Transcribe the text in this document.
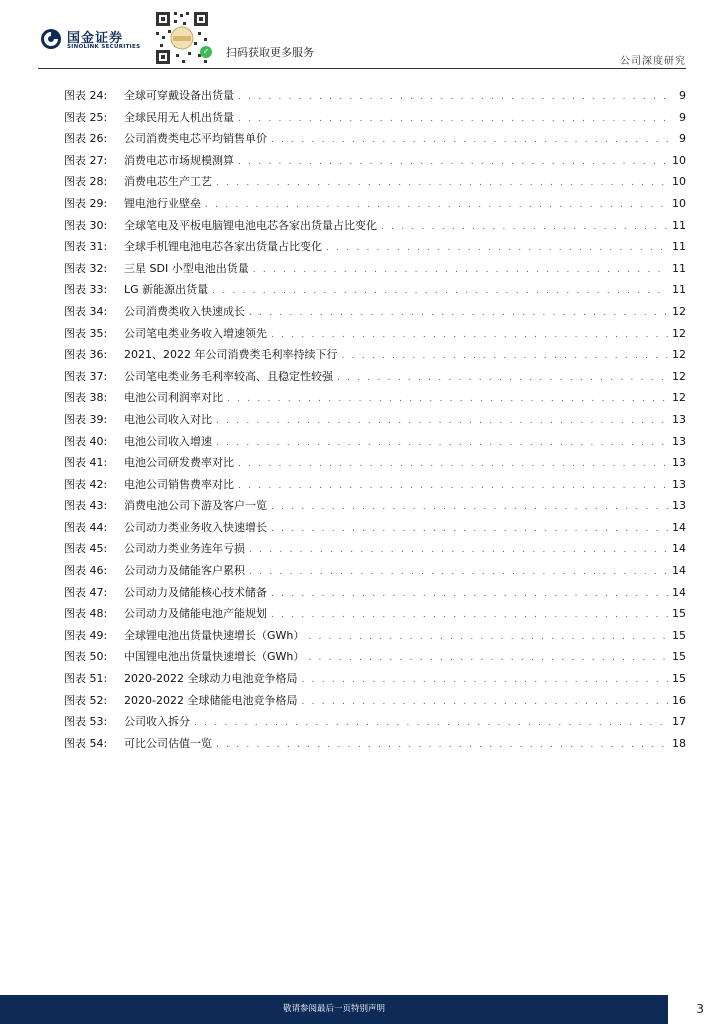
国金证券
SINOLINK SECURITIES	✓ 扫码获取更多服务
公司深度研究
图表 24:	全球可穿戴设备出货量 . . .	9
图表 25:	全球民用无人机出货量 . . .	9
图表 26:	公司消费类电芯平均销售单价 . . .	9
图表 27:	消费电芯市场规模测算 . . .	10
图表 28:	消费电芯生产工艺 . . .	10
图表 29:	锂电池行业壁垒 . . .	10
图表 30:	全球笔电及平板电脑锂电池电芯各家出货量占比变化 . . .	11
图表 31:	全球手机锂电池电芯各家出货量占比变化 . . .	11
图表 32:	三星 SDI 小型电池出货量 . . .	11
图表 33:	LG 新能源出货量 . . .	11
图表 34:	公司消费类收入快速成长 . . .	12
图表 35:	公司笔电类业务收入增速领先 . . .	12
图表 36:	2021、2022 年公司消费类毛利率持续下行 . . .	12
图表 37:	公司笔电类业务毛利率较高、且稳定性较强 . . .	12
图表 38:	电池公司利润率对比 . . .	12
图表 39:	电池公司收入对比 . . .	13
图表 40:	电池公司收入增速 . . .	13
图表 41:	电池公司研发费率对比 . . .	13
图表 42:	电池公司销售费率对比 . . .	13
图表 43:	消费电池公司下游及客户一览 . . .	13
图表 44:	公司动力类业务收入快速增长 . . .	14
图表 45:	公司动力类业务连年亏损 . . .	14
图表 46:	公司动力及储能客户累积 . . .	14
图表 47:	公司动力及储能核心技术储备 . . .	14
图表 48:	公司动力及储能电池产能规划 . . .	15
图表 49:	全球锂电池出货量快速增长（GWh） . . .	15
图表 50:	中国锂电池出货量快速增长（GWh） . . .	15
图表 51:	2020-2022 全球动力电池竞争格局 . . .	15
图表 52:	2020-2022 全球储能电池竞争格局 . . .	16
图表 53:	公司收入拆分 . . .	17
图表 54:	可比公司估值一览 . . .	18
敬请参阅最后一页特别声明	3
